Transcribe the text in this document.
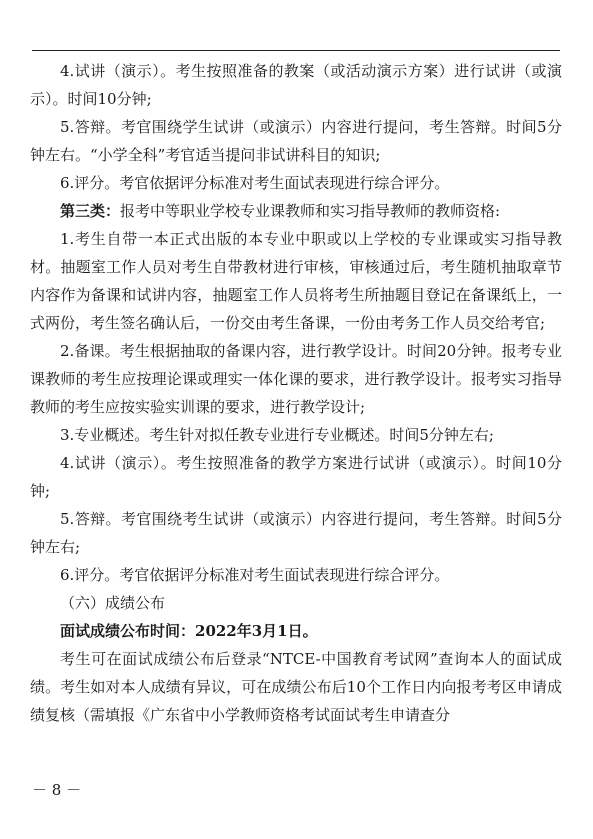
4.试讲（演示）。考生按照准备的教案（或活动演示方案）进行试讲（或演示）。时间10分钟;

5.答辩。考官围绕学生试讲（或演示）内容进行提问，考生答辩。时间5分钟左右。“小学全科”考官适当提问非试讲科目的知识;

6.评分。考官依据评分标准对考生面试表现进行综合评分。

第三类：报考中等职业学校专业课教师和实习指导教师的教师资格:

1.考生自带一本正式出版的本专业中职或以上学校的专业课或实习指导教材。抽题室工作人员对考生自带教材进行审核，审核通过后，考生随机抽取章节内容作为备课和试讲内容，抽题室工作人员将考生所抽题目登记在备课纸上，一式两份，考生签名确认后，一份交由考生备课，一份由考务工作人员交给考官;

2.备课。考生根据抽取的备课内容，进行教学设计。时间20分钟。报考专业课教师的考生应按理论课或理实一体化课的要求，进行教学设计。报考实习指导教师的考生应按实验实训课的要求，进行教学设计;

3.专业概述。考生针对拟任教专业进行专业概述。时间5分钟左右;

4.试讲（演示）。考生按照准备的教学方案进行试讲（或演示）。时间10分钟;

5.答辩。考官围绕考生试讲（或演示）内容进行提问，考生答辩。时间5分钟左右;

6.评分。考官依据评分标准对考生面试表现进行综合评分。

（六）成绩公布

面试成绩公布时间：2022年3月1日。

考生可在面试成绩公布后登录“NTCE-中国教育考试网”查询本人的面试成绩。考生如对本人成绩有异议，可在成绩公布后10个工作日内向报考考区申请成绩复核（需填报《广东省中小学教师资格考试面试考生申请查分

－ 8 －
